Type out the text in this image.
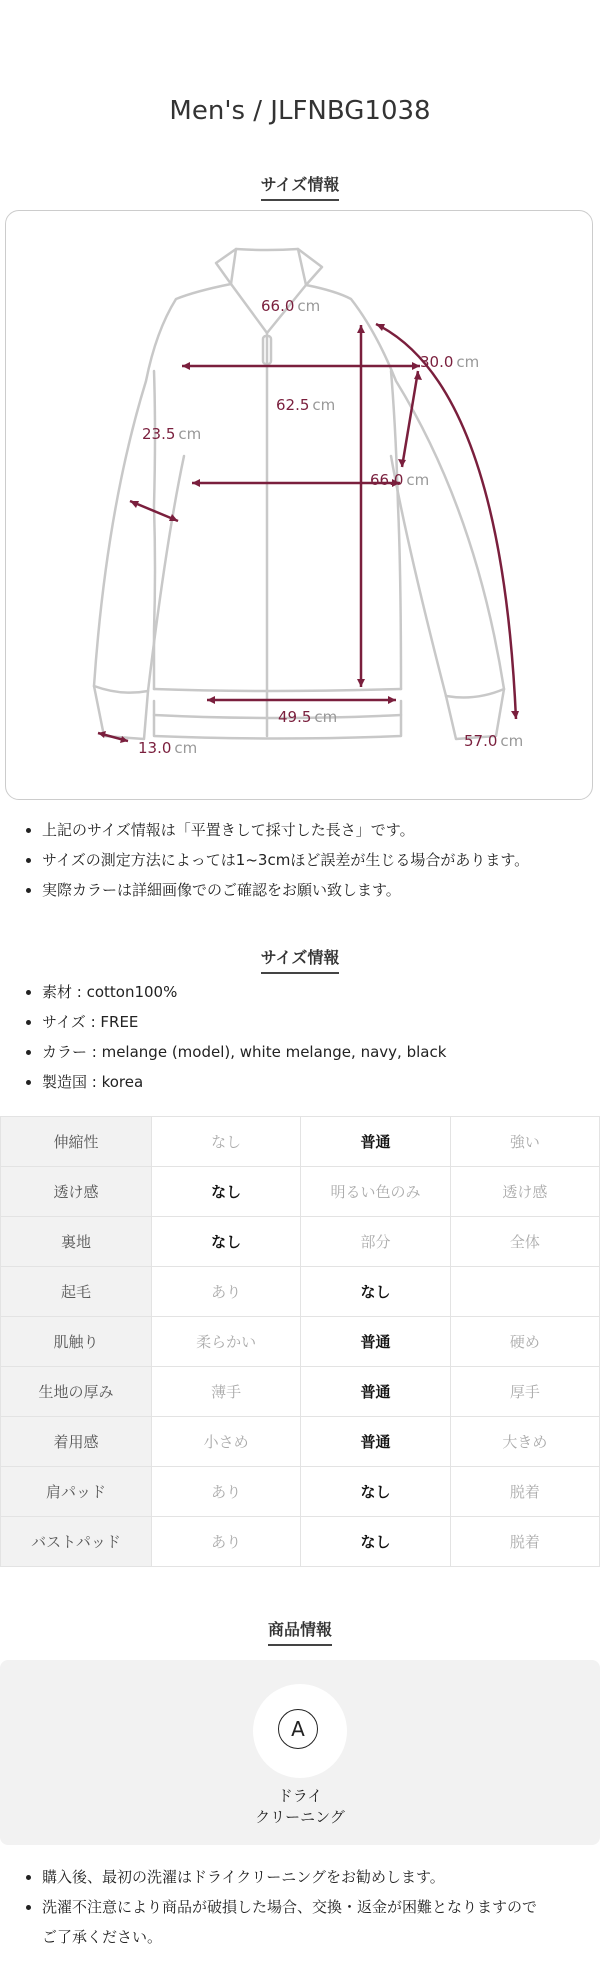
Men's / JLFNBG1038
サイズ情報
66.0 cm
30.0 cm
62.5 cm
23.5 cm
66.0 cm
49.5 cm
57.0 cm
13.0 cm
• 上記のサイズ情報は「平置きして採寸した長さ」です。
• サイズの測定方法によっては1~3cmほど誤差が生じる場合があります。
• 実際カラーは詳細画像でのご確認をお願い致します。
サイズ情報
• 素材 : cotton100%
• サイズ : FREE
• カラー : melange (model), white melange, navy, black
• 製造国 : korea
伸縮性	なし	普通	強い
透け感	なし	明るい色のみ	透け感
裏地	なし	部分	全体
起毛	あり	なし	
肌触り	柔らかい	普通	硬め
生地の厚み	薄手	普通	厚手
着用感	小さめ	普通	大きめ
肩パッド	あり	なし	脱着
バストパッド	あり	なし	脱着
商品情報
A
ドライ
クリーニング
• 購入後、最初の洗濯はドライクリーニングをお勧めします。
• 洗濯不注意により商品が破損した場合、交換・返金が困難となりますので
ご了承ください。
